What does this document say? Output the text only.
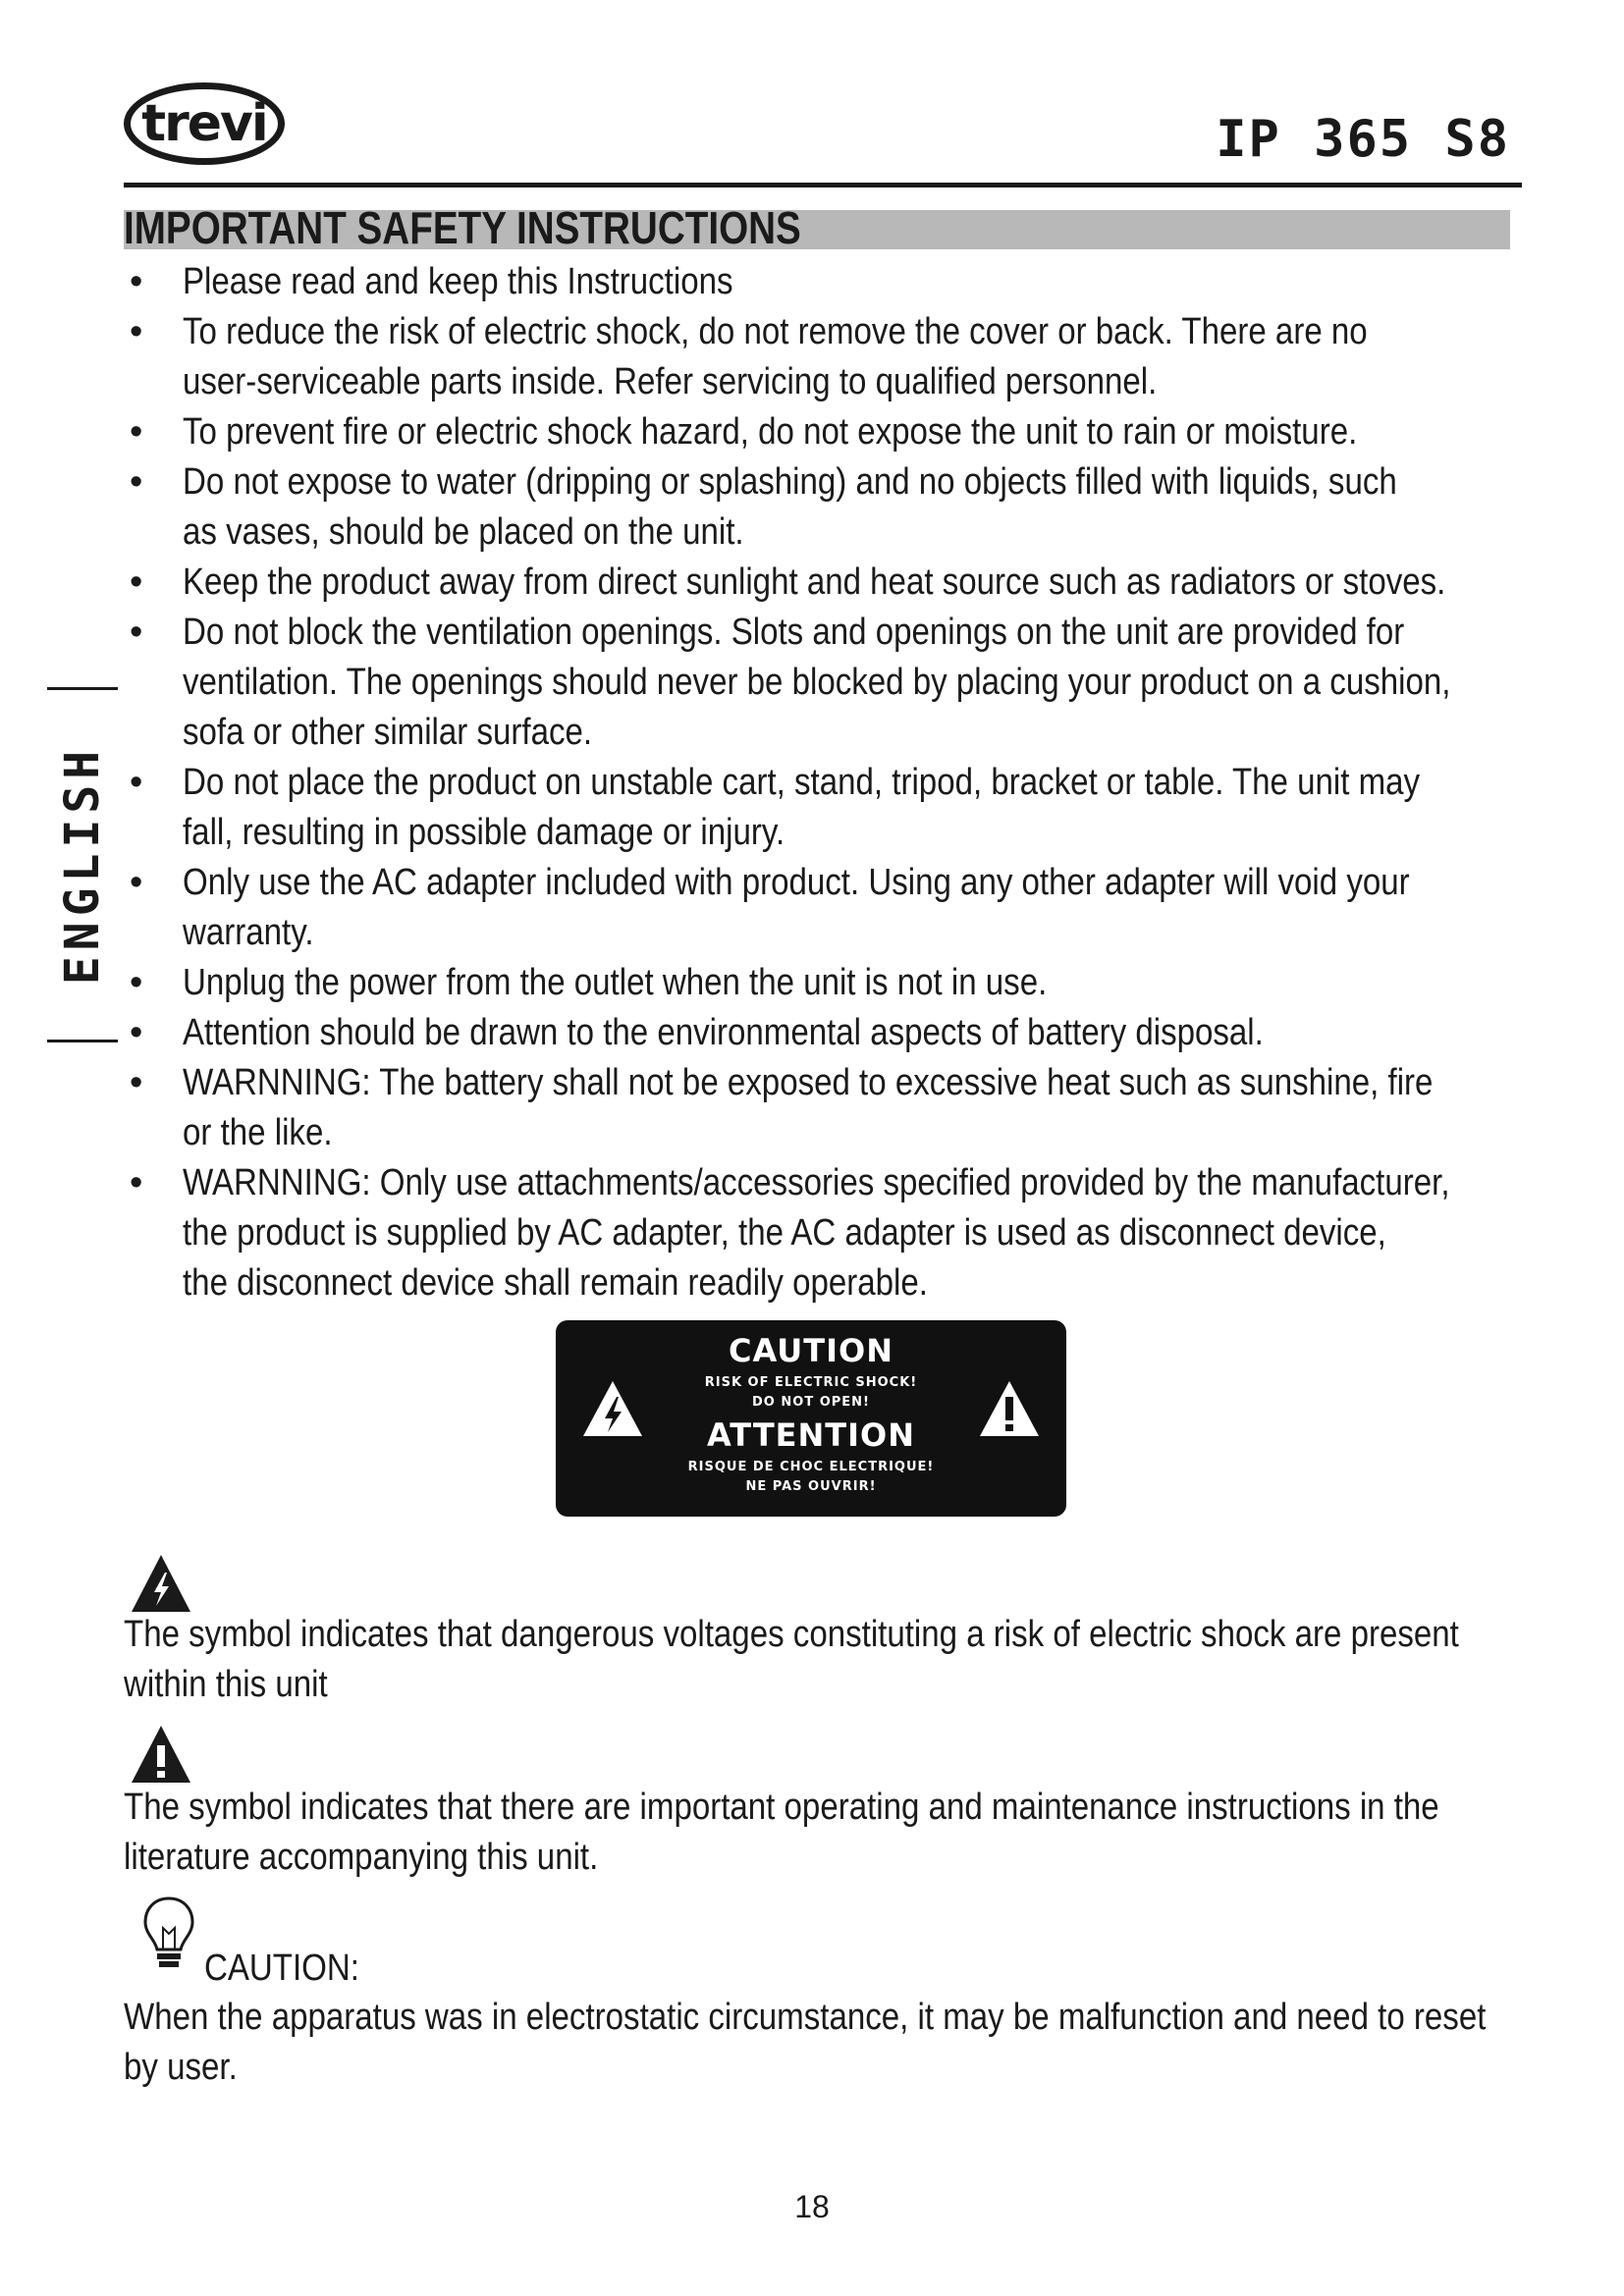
trevi	IP 365 S8
IMPORTANT SAFETY INSTRUCTIONS
ENGLISH
• Please read and keep this Instructions
• To reduce the risk of electric shock, do not remove the cover or back. There are no
user-serviceable parts inside. Refer servicing to qualified personnel.
• To prevent fire or electric shock hazard, do not expose the unit to rain or moisture.
• Do not expose to water (dripping or splashing) and no objects filled with liquids, such
as vases, should be placed on the unit.
• Keep the product away from direct sunlight and heat source such as radiators or stoves.
• Do not block the ventilation openings. Slots and openings on the unit are provided for
ventilation. The openings should never be blocked by placing your product on a cushion,
sofa or other similar surface.
• Do not place the product on unstable cart, stand, tripod, bracket or table. The unit may
fall, resulting in possible damage or injury.
• Only use the AC adapter included with product. Using any other adapter will void your
warranty.
• Unplug the power from the outlet when the unit is not in use.
• Attention should be drawn to the environmental aspects of battery disposal.
• WARNNING: The battery shall not be exposed to excessive heat such as sunshine, fire
or the like.
• WARNNING: Only use attachments/accessories specified provided by the manufacturer,
the product is supplied by AC adapter, the AC adapter is used as disconnect device,
the disconnect device shall remain readily operable.
CAUTION
RISK OF ELECTRIC SHOCK!
DO NOT OPEN!
ATTENTION
RISQUE DE CHOC ELECTRIQUE!
NE PAS OUVRIR!

The symbol indicates that dangerous voltages constituting a risk of electric shock are present within this unit

The symbol indicates that there are important operating and maintenance instructions in the literature accompanying this unit.

CAUTION:

When the apparatus was in electrostatic circumstance, it may be malfunction and need to reset by user.

18
